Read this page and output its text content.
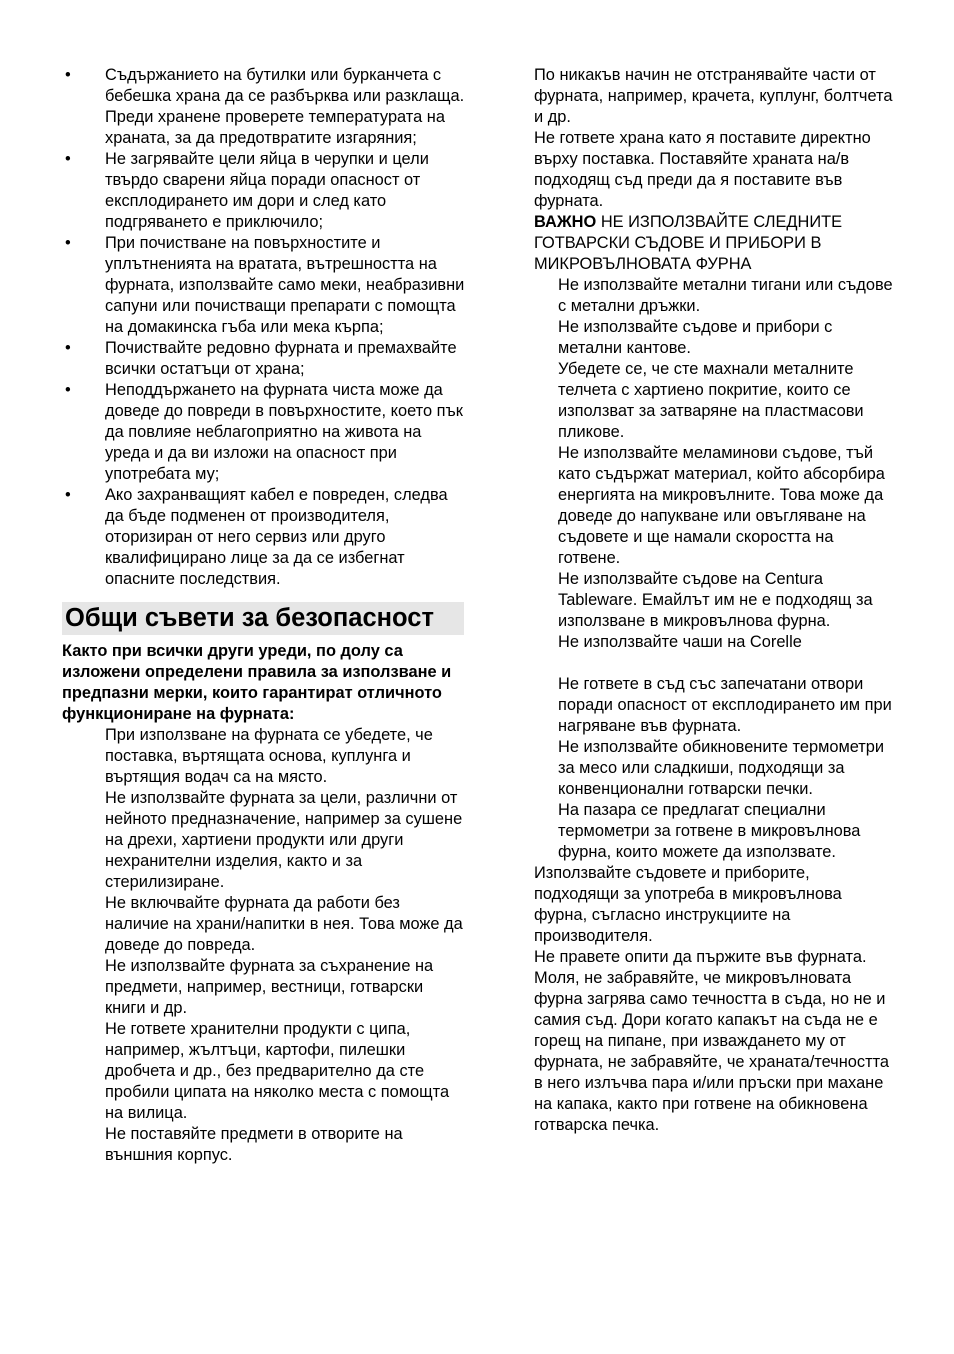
• Съдържанието на бутилки или бурканчета с бебешка храна да се разбърква или разклаща. Преди хранене проверете температурата на храната, за да предотвратите изгаряния;
• Не загрявайте цели яйца в черупки и цели твърдо сварени яйца поради опасност от експлодирането им дори и след като подгряването е приключило;
• При почистване на повърхностите и уплътненията на вратата, вътрешността на фурната, използвайте само меки, неабразивни сапуни или почистващи препарати с помощта на домакинска гъба или мека кърпа;
• Почиствайте редовно фурната и премахвайте всички остатъци от храна;
• Неподдържането на фурната чиста може да доведе до повреди в повърхностите, което пък да повлияе неблагоприятно на живота на уреда и да ви изложи на опасност при употребата му;
• Ако захранващият кабел е повреден, следва да бъде подменен от производителя, оторизиран от него сервиз или друго квалифицирано лице за да се избегнат опасните последствия.
Общи съвети за безопасност

Както при всички други уреди, по долу са изложени определени правила за използване и предпазни мерки, които гарантират отличното функциониране на фурната:

При използване на фурната се убедете, че поставка, въртящата основа, куплунга и въртящия водач са на място.

Не използвайте фурната за цели, различни от нейното предназначение, например за сушене на дрехи, хартиени продукти или други нехранителни изделия, както и за стерилизиране.

Не включвайте фурната да работи без наличие на храни/напитки в нея. Това може да доведе до повреда.

Не използвайте фурната за съхранение на предмети, например, вестници, готварски книги и др.

Не гответе хранителни продукти с ципа, например, жълтъци, картофи, пилешки дробчета и др., без предварително да сте пробили ципата на няколко места с помощта на вилица.

Не поставяйте предмети в отворите на външния корпус.

По никакъв начин не отстранявайте части от фурната, например, крачета, куплунг, болтчета и др.

Не гответе храна като я поставите директно върху поставка. Поставяйте храната на/в подходящ съд преди да я поставите във фурната.

ВАЖНО НЕ ИЗПОЛЗВАЙТЕ СЛЕДНИТЕ ГОТВАРСКИ СЪДОВЕ И ПРИБОРИ В МИКРОВЪЛНОВАТА ФУРНА

Не използвайте метални тигани или съдове с метални дръжки.

Не използвайте съдове и прибори с метални кантове.

Убедете се, че сте махнали металните телчета с хартиено покритие, които се използват за затваряне на пластмасови пликове.

Не използвайте меламинови съдове, тъй като съдържат материал, който абсорбира енергията на микровълните. Това може да доведе до напукване или овъгляване на съдовете и ще намали скоростта на готвене.

Не използвайте съдове на Centura Tableware. Емайлът им не е подходящ за използване в микровълнова фурна.

Не използвайте чаши на Corelle

Не гответе в съд със запечатани отвори поради опасност от експлодирането им при нагряване във фурната.

Не използвайте обикновените термометри за месо или сладкиши, подходящи за конвенционални готварски печки.

На пазара се предлагат специални термометри за готвене в микровълнова фурна, които можете да използвате.

Използвайте съдовете и приборите, подходящи за употреба в микровълнова фурна, съгласно инструкциите на производителя.

Не правете опити да пържите във фурната.

Моля, не забравяйте, че микровълновата фурна загрява само течността в съда, но не и самия съд. Дори когато капакът на съда не е горещ на пипане, при изваждането му от фурната, не забравяйте, че храната/течността в него излъчва пара и/или пръски при махане на капака, както при готвене на обикновена готварска печка.
